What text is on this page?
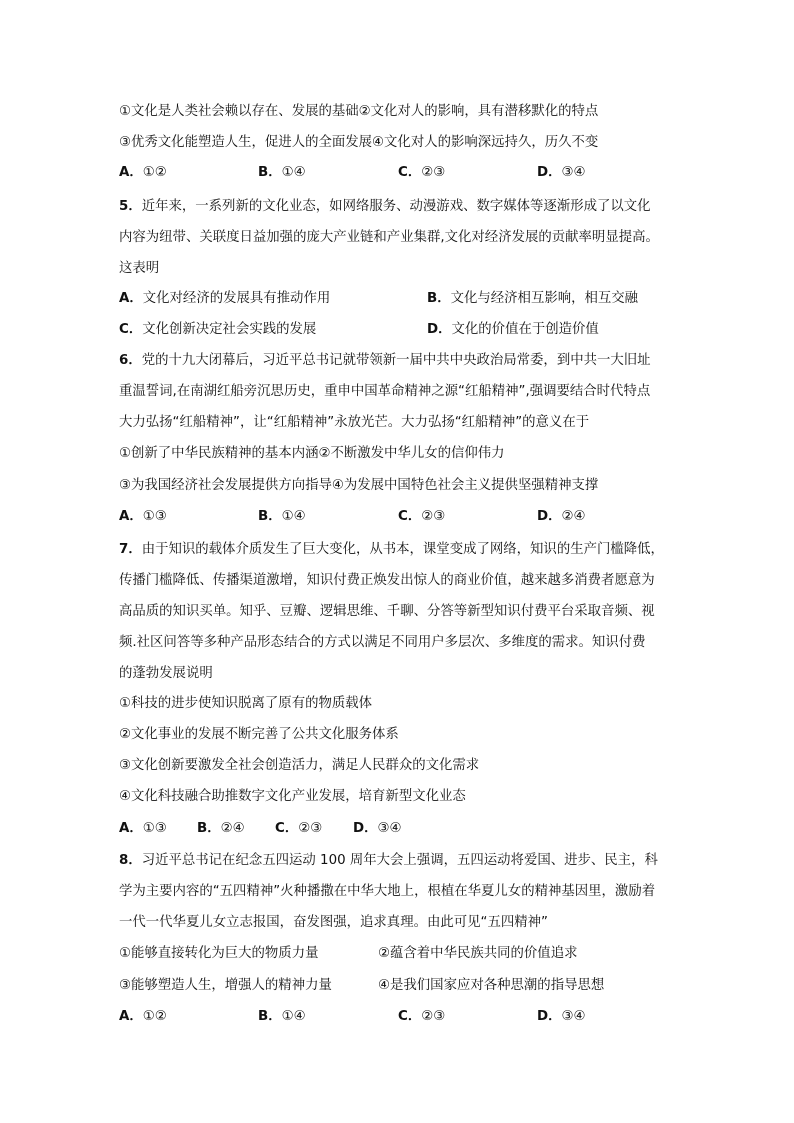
①文化是人类社会赖以存在、发展的基础②文化对人的影响，具有潜移默化的特点
③优秀文化能塑造人生，促进人的全面发展④文化对人的影响深远持久，历久不变
A．①②	B．①④	C．②③	D．③④
5．近年来，一系列新的文化业态，如网络服务、动漫游戏、数字媒体等逐渐形成了以文化
内容为纽带、关联度日益加强的庞大产业链和产业集群,文化对经济发展的贡献率明显提高。
这表明
A．文化对经济的发展具有推动作用	B．文化与经济相互影响，相互交融
C．文化创新决定社会实践的发展	D．文化的价值在于创造价值
6．党的十九大闭幕后，习近平总书记就带领新一届中共中央政治局常委，到中共一大旧址
重温誓词,在南湖红船旁沉思历史，重申中国革命精神之源“红船精神”,强调要结合时代特点
大力弘扬“红船精神”，让“红船精神”永放光芒。大力弘扬“红船精神”的意义在于
①创新了中华民族精神的基本内涵②不断激发中华儿女的信仰伟力
③为我国经济社会发展提供方向指导④为发展中国特色社会主义提供坚强精神支撑
A．①③	B．①④	C．②③	D．②④
7．由于知识的载体介质发生了巨大变化，从书本，课堂变成了网络，知识的生产门槛降低，
传播门槛降低、传播渠道激增，知识付费正焕发出惊人的商业价值，越来越多消费者愿意为
高品质的知识买单。知乎、豆瓣、逻辑思维、千聊、分答等新型知识付费平台采取音频、视
频.社区问答等多种产品形态结合的方式以满足不同用户多层次、多维度的需求。知识付费
的蓬勃发展说明
①科技的进步使知识脱离了原有的物质载体
②文化事业的发展不断完善了公共文化服务体系
③文化创新要激发全社会创造活力，满足人民群众的文化需求
④文化科技融合助推数字文化产业发展，培育新型文化业态
A．①③ B．②④ C．②③ D．③④
8．习近平总书记在纪念五四运动 100 周年大会上强调，五四运动将爱国、进步、民主，科
学为主要内容的“五四精神”火种播撒在中华大地上，根植在华夏儿女的精神基因里，激励着
一代一代华夏儿女立志报国，奋发图强，追求真理。由此可见“五四精神”
①能够直接转化为巨大的物质力量	②蕴含着中华民族共同的价值追求
③能够塑造人生，增强人的精神力量	④是我们国家应对各种思潮的指导思想
A．①②	B．①④	C．②③	D．③④
